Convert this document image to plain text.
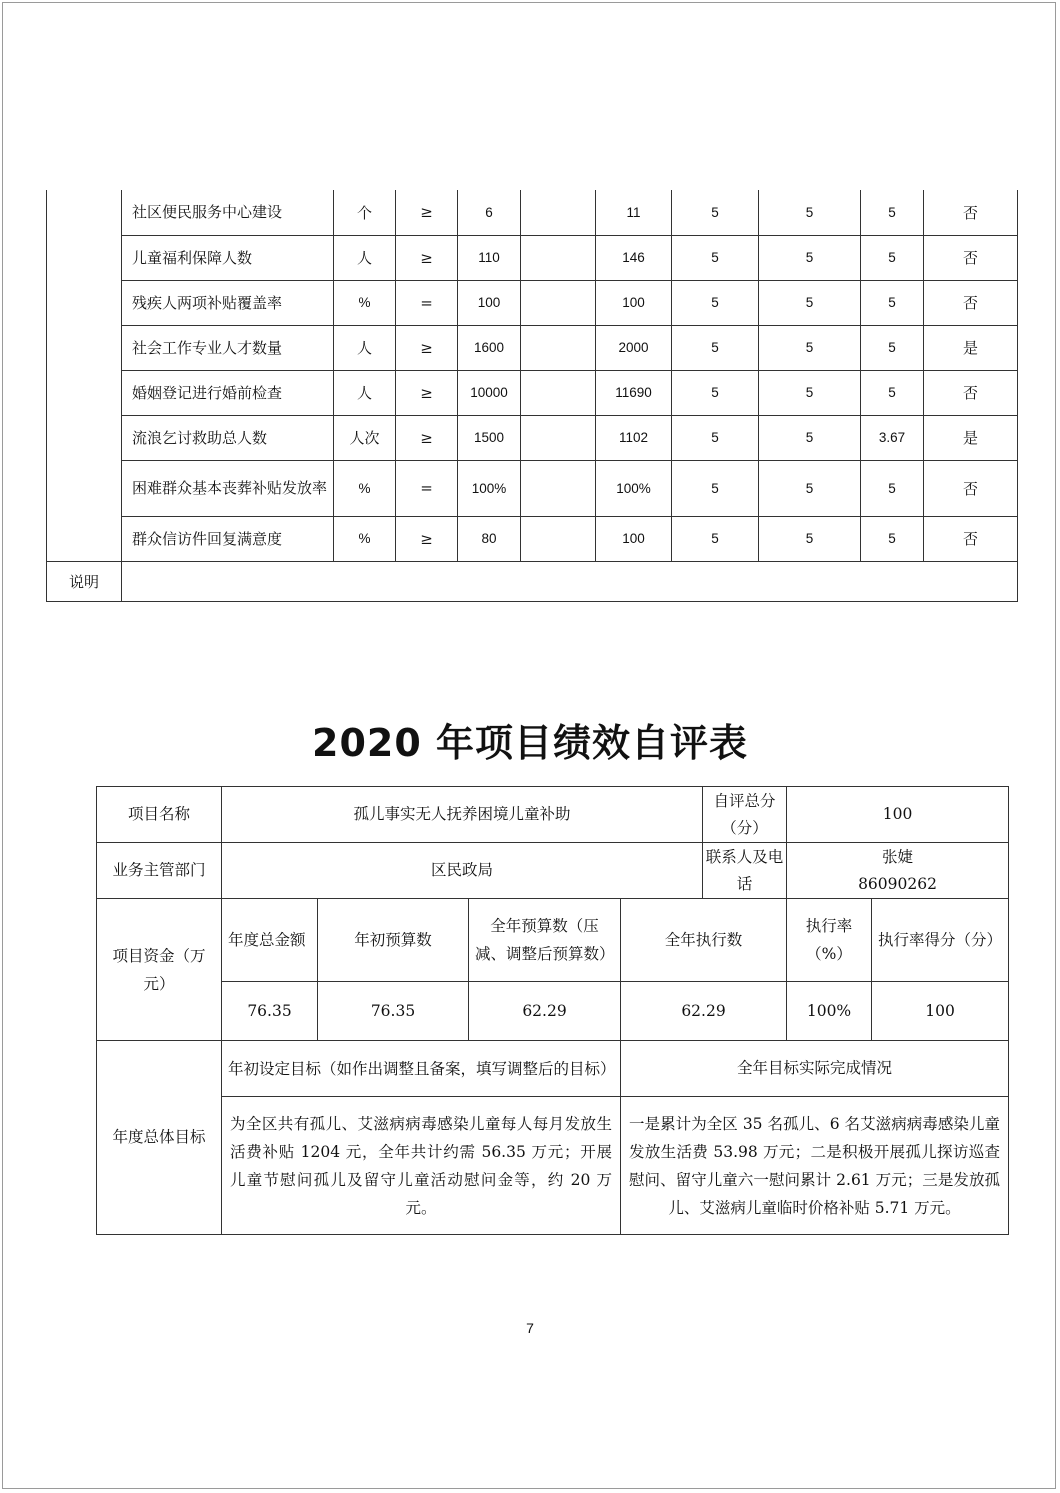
	社区便民服务中心建设	个	≥	6		11	5	5	5	否
	儿童福利保障人数	人	≥	110		146	5	5	5	否
	残疾人两项补贴覆盖率	%	=	100		100	5	5	5	否
	社会工作专业人才数量	人	≥	1600		2000	5	5	5	是
	婚姻登记进行婚前检查	人	≥	10000		11690	5	5	5	否
	流浪乞讨救助总人数	人次	≥	1500		1102	5	5	3.67	是
	困难群众基本丧葬补贴发放率	%	=	100%		100%	5	5	5	否
	群众信访件回复满意度	%	≥	80		100	5	5	5	否
说明										
2020 年项目绩效自评表
项目名称	孤儿事实无人抚养困境儿童补助				自评总分（分）	100	
业务主管部门	区民政局				联系人及电话	张婕
86090262	

项目资金（万元）	年度总金额	年初预算数	全年预算数（压减、调整后预算数）	全年执行数		执行率（%）	执行率得分（分）
	76.35	76.35	62.29	62.29		100%	100
年度总体目标	年初设定目标（如作出调整且备案，填写调整后的目标）			全年目标实际完成情况			
	为全区共有孤儿、艾滋病病毒感染儿童每人每月发放生活费补贴 1204 元，全年共计约需 56.35 万元；开展儿童节慰问孤儿及留守儿童活动慰问金等，约 20 万元。			一是累计为全区 35 名孤儿、6 名艾滋病病毒感染儿童发放生活费 53.98 万元；二是积极开展孤儿探访巡查慰问、留守儿童六一慰问累计 2.61 万元；三是发放孤儿、艾滋病儿童临时价格补贴 5.71 万元。			
7
